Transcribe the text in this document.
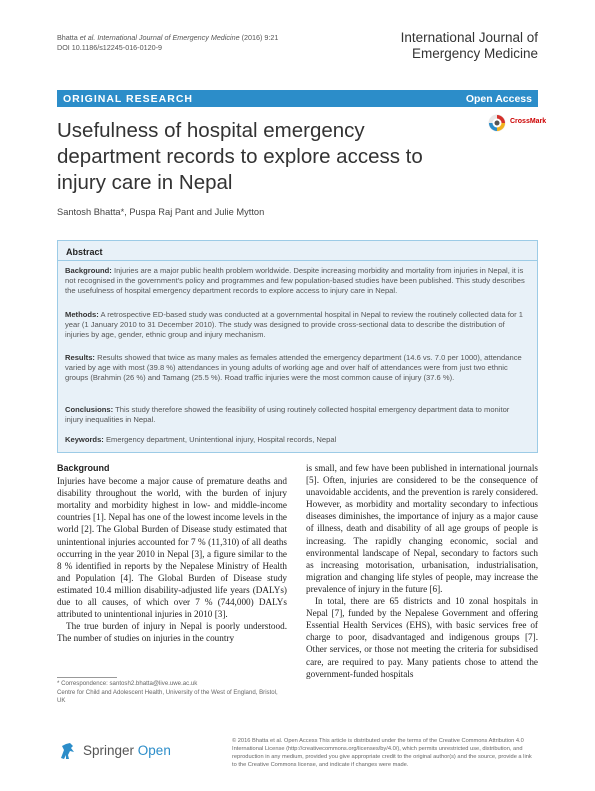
Bhatta et al. International Journal of Emergency Medicine (2016) 9:21
DOI 10.1186/s12245-016-0120-9
International Journal of
Emergency Medicine
ORIGINAL RESEARCH	Open Access
Usefulness of hospital emergency
department records to explore access to
injury care in Nepal
CrossMark
Santosh Bhatta*, Puspa Raj Pant and Julie Mytton
Abstract
Background: Injuries are a major public health problem worldwide. Despite increasing morbidity and mortality from injuries in Nepal, it is not recognised in the government's policy and programmes and few population-based studies have been published. This study describes the usefulness of hospital emergency department records to explore access to injury care in Nepal.
Methods: A retrospective ED-based study was conducted at a governmental hospital in Nepal to review the routinely collected data for 1 year (1 January 2010 to 31 December 2010). The study was designed to provide cross-sectional data to describe the distribution of injuries by age, gender, ethnic group and injury mechanism.
Results: Results showed that twice as many males as females attended the emergency department (14.6 vs. 7.0 per 1000), attendance varied by age with most (39.8 %) attendances in young adults of working age and over half of attendances were from just two ethnic groups (Brahmin (26 %) and Tamang (25.5 %). Road traffic injuries were the most common cause of injury (37.6 %).
Conclusions: This study therefore showed the feasibility of using routinely collected hospital emergency department data to monitor injury inequalities in Nepal.
Keywords: Emergency department, Unintentional injury, Hospital records, Nepal
Background

Injuries have become a major cause of premature deaths and disability throughout the world, with the burden of injury mortality and morbidity highest in low- and middle-income countries [1]. Nepal has one of the lowest income levels in the world [2]. The Global Burden of Disease study estimated that unintentional injuries accounted for 7 % (11,310) of all deaths occurring in the year 2010 in Nepal [3], a figure similar to the 8 % identified in reports by the Nepalese Ministry of Health and Population [4]. The Global Burden of Disease study estimated 10.4 million disability-adjusted life years (DALYs) due to all causes, of which over 7 % (744,000) DALYs attributed to unintentional injuries in 2010 [3].

The true burden of injury in Nepal is poorly understood. The number of studies on injuries in the country

is small, and few have been published in international journals [5]. Often, injuries are considered to be the consequence of unavoidable accidents, and the prevention is rarely considered. However, as morbidity and mortality secondary to infectious diseases diminishes, the importance of injury as a major cause of illness, death and disability of all age groups of people is increasing. The rapidly changing economic, social and environmental landscape of Nepal, secondary to factors such as increasing motorisation, urbanisation, industrialisation, migration and changing life styles of people, may increase the prevalence of injury in the future [6].

In total, there are 65 districts and 10 zonal hospitals in Nepal [7], funded by the Nepalese Government and offering Essential Health Services (EHS), with basic services free of charge to poor, disadvantaged and indigenous groups [7]. Other services, or those not meeting the criteria for subsidised care, are required to pay. Many patients chose to attend the government-funded hospitals

* Correspondence: santosh2.bhatta@live.uwe.ac.uk
Centre for Child and Adolescent Health, University of the West of England, Bristol, UK
Springer Open
© 2016 Bhatta et al. Open Access This article is distributed under the terms of the Creative Commons Attribution 4.0 International License (http://creativecommons.org/licenses/by/4.0/), which permits unrestricted use, distribution, and reproduction in any medium, provided you give appropriate credit to the original author(s) and the source, provide a link to the Creative Commons license, and indicate if changes were made.
